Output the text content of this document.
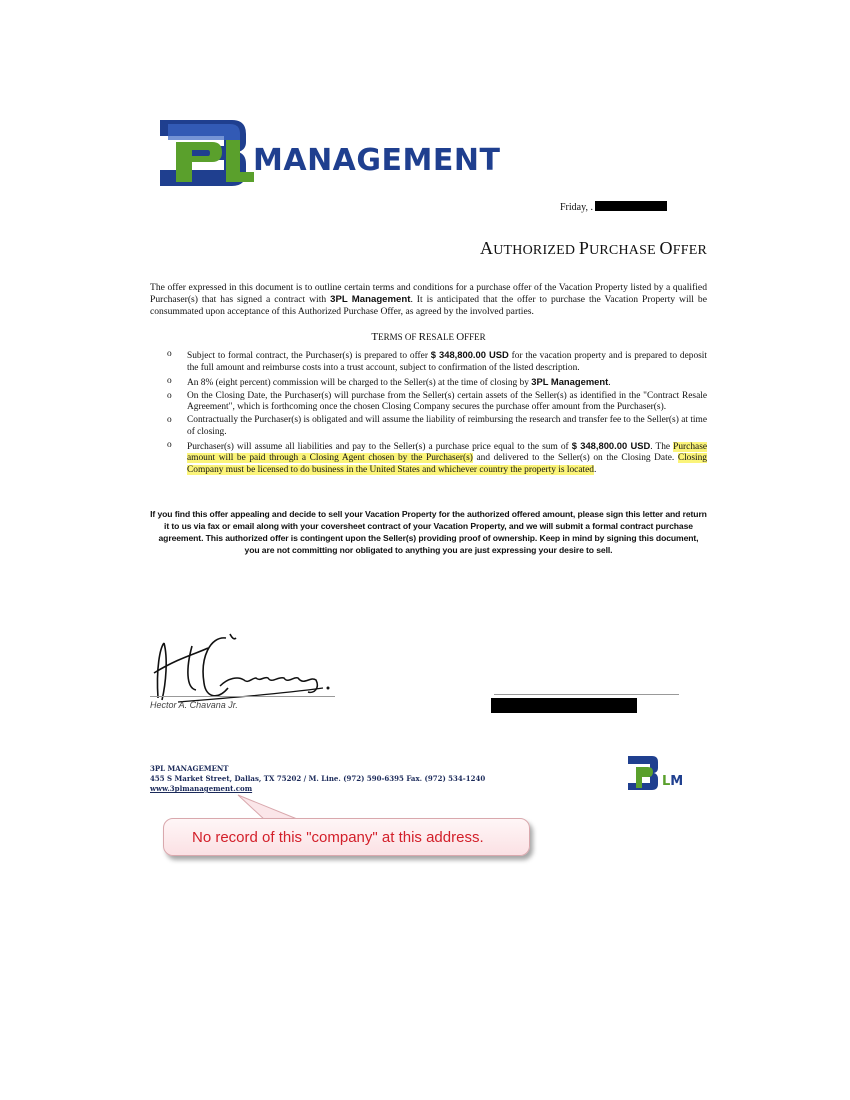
MANAGEMENT
Friday, .
AUTHORIZED PURCHASE OFFER
The offer expressed in this document is to outline certain terms and conditions for a purchase offer of the Vacation Property listed by a qualified Purchaser(s) that has signed a contract with 3PL Management. It is anticipated that the offer to purchase the Vacation Property will be consummated upon acceptance of this Authorized Purchase Offer, as agreed by the involved parties.
TERMS OF RESALE OFFER
o Subject to formal contract, the Purchaser(s) is prepared to offer $ 348,800.00 USD for the vacation property and is prepared to deposit the full amount and reimburse costs into a trust account, subject to confirmation of the listed description.
o An 8% (eight percent) commission will be charged to the Seller(s) at the time of closing by 3PL Management.
o On the Closing Date, the Purchaser(s) will purchase from the Seller(s) certain assets of the Seller(s) as identified in the "Contract Resale Agreement", which is forthcoming once the chosen Closing Company secures the purchase offer amount from the Purchaser(s).
o Contractually the Purchaser(s) is obligated and will assume the liability of reimbursing the research and transfer fee to the Seller(s) at time of closing.
o Purchaser(s) will assume all liabilities and pay to the Seller(s) a purchase price equal to the sum of $ 348,800.00 USD. The Purchase amount will be paid through a Closing Agent chosen by the Purchaser(s) and delivered to the Seller(s) on the Closing Date. Closing Company must be licensed to do business in the United States and whichever country the property is located.
If you find this offer appealing and decide to sell your Vacation Property for the authorized offered amount, please sign this letter and return it to us via fax or email along with your coversheet contract of your Vacation Property, and we will submit a formal contract purchase agreement. This authorized offer is contingent upon the Seller(s) providing proof of ownership. Keep in mind by signing this document, you are not committing nor obligated to anything you are just expressing your desire to sell.
Hector A. Chavana Jr.
3PL MANAGEMENT
455 S Market Street, Dallas, TX 75202 / M. Line. (972) 590-6395 Fax. (972) 534-1240
www.3plmanagement.com	LM
No record of this "company" at this address.
